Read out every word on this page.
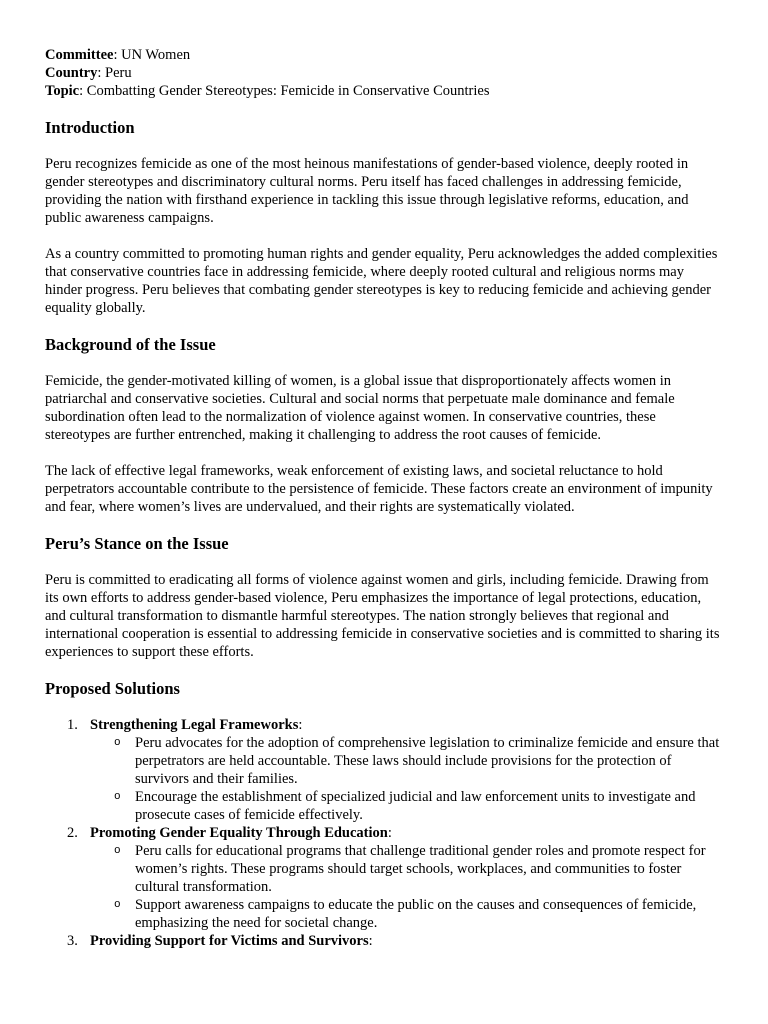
Committee: UN Women

Country: Peru

Topic: Combatting Gender Stereotypes: Femicide in Conservative Countries

Introduction

Peru recognizes femicide as one of the most heinous manifestations of gender-based violence, deeply rooted in gender stereotypes and discriminatory cultural norms. Peru itself has faced challenges in addressing femicide, providing the nation with firsthand experience in tackling this issue through legislative reforms, education, and public awareness campaigns.

As a country committed to promoting human rights and gender equality, Peru acknowledges the added complexities that conservative countries face in addressing femicide, where deeply rooted cultural and religious norms may hinder progress. Peru believes that combating gender stereotypes is key to reducing femicide and achieving gender equality globally.

Background of the Issue

Femicide, the gender-motivated killing of women, is a global issue that disproportionately affects women in patriarchal and conservative societies. Cultural and social norms that perpetuate male dominance and female subordination often lead to the normalization of violence against women. In conservative countries, these stereotypes are further entrenched, making it challenging to address the root causes of femicide.

The lack of effective legal frameworks, weak enforcement of existing laws, and societal reluctance to hold perpetrators accountable contribute to the persistence of femicide. These factors create an environment of impunity and fear, where women’s lives are undervalued, and their rights are systematically violated.

Peru’s Stance on the Issue

Peru is committed to eradicating all forms of violence against women and girls, including femicide. Drawing from its own efforts to address gender-based violence, Peru emphasizes the importance of legal protections, education, and cultural transformation to dismantle harmful stereotypes. The nation strongly believes that regional and international cooperation is essential to addressing femicide in conservative societies and is committed to sharing its experiences to support these efforts.

Proposed Solutions
1. Strengthening Legal Frameworks:
o Peru advocates for the adoption of comprehensive legislation to criminalize femicide and ensure that perpetrators are held accountable. These laws should include provisions for the protection of survivors and their families.
o Encourage the establishment of specialized judicial and law enforcement units to investigate and prosecute cases of femicide effectively.
2. Promoting Gender Equality Through Education:
o Peru calls for educational programs that challenge traditional gender roles and promote respect for women’s rights. These programs should target schools, workplaces, and communities to foster cultural transformation.
o Support awareness campaigns to educate the public on the causes and consequences of femicide, emphasizing the need for societal change.
3. Providing Support for Victims and Survivors:
